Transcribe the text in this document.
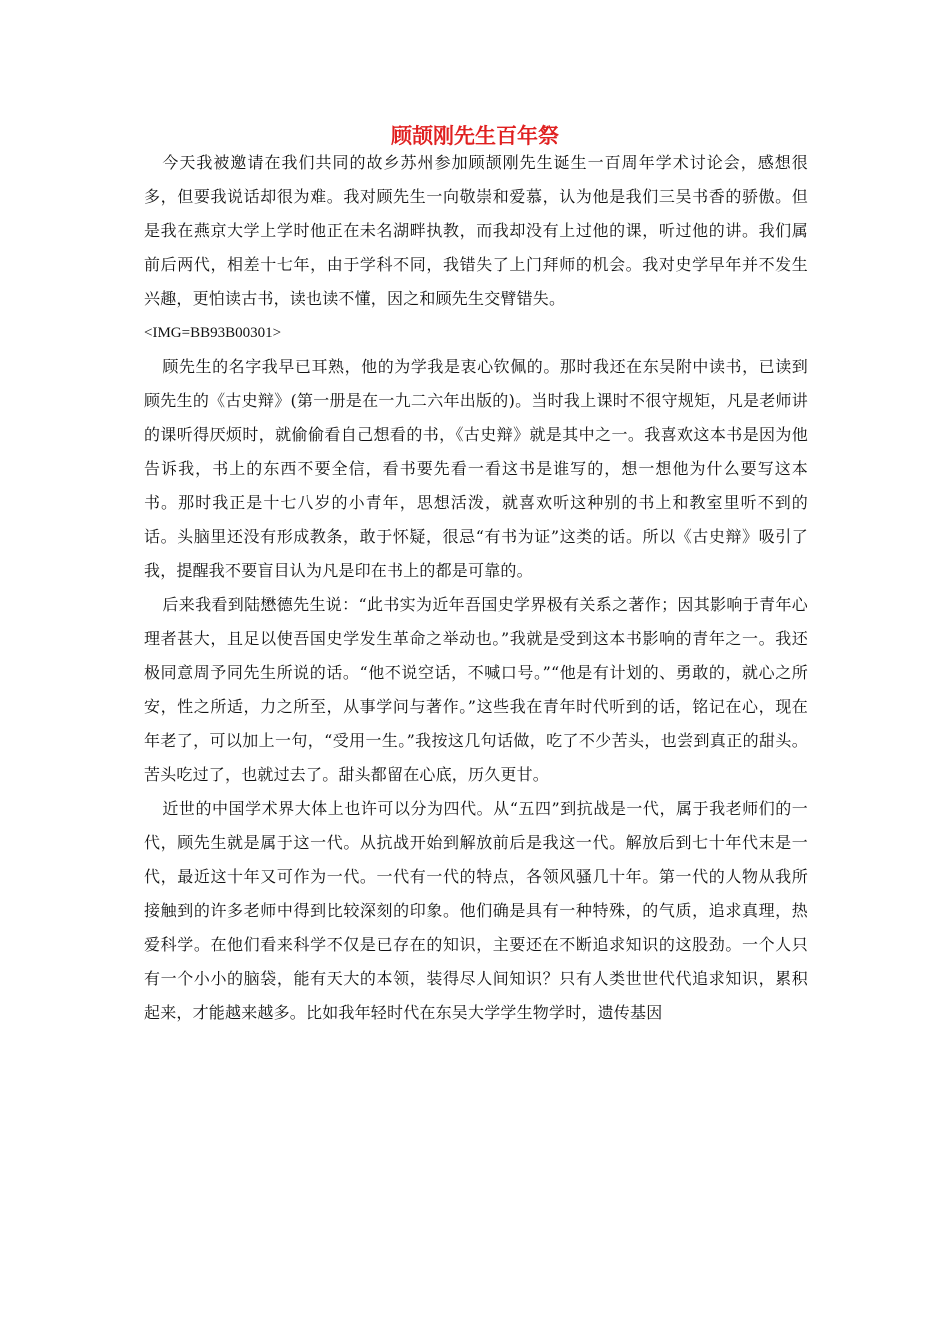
顾颉刚先生百年祭

今天我被邀请在我们共同的故乡苏州参加顾颉刚先生诞生一百周年学术讨论会，感想很多，但要我说话却很为难。我对顾先生一向敬崇和爱慕，认为他是我们三吴书香的骄傲。但是我在燕京大学上学时他正在未名湖畔执教，而我却没有上过他的课，听过他的讲。我们属前后两代，相差十七年，由于学科不同，我错失了上门拜师的机会。我对史学早年并不发生兴趣，更怕读古书，读也读不懂，因之和顾先生交臂错失。

<IMG=BB93B00301>

顾先生的名字我早已耳熟，他的为学我是衷心钦佩的。那时我还在东吴附中读书，已读到顾先生的《古史辩》(第一册是在一九二六年出版的)。当时我上课时不很守规矩，凡是老师讲的课听得厌烦时，就偷偷看自己想看的书，《古史辩》就是其中之一。我喜欢这本书是因为他告诉我，书上的东西不要全信，看书要先看一看这书是谁写的，想一想他为什么要写这本书。那时我正是十七八岁的小青年，思想活泼，就喜欢听这种别的书上和教室里听不到的话。头脑里还没有形成教条，敢于怀疑，很忌“有书为证”这类的话。所以《古史辩》吸引了我，提醒我不要盲目认为凡是印在书上的都是可靠的。

后来我看到陆懋德先生说：“此书实为近年吾国史学界极有关系之著作；因其影响于青年心理者甚大，且足以使吾国史学发生革命之举动也。”我就是受到这本书影响的青年之一。我还极同意周予同先生所说的话。“他不说空话，不喊口号。”“他是有计划的、勇敢的，就心之所安，性之所适，力之所至，从事学问与著作。”这些我在青年时代听到的话，铭记在心，现在年老了，可以加上一句，“受用一生。”我按这几句话做，吃了不少苦头，也尝到真正的甜头。苦头吃过了，也就过去了。甜头都留在心底，历久更甘。

近世的中国学术界大体上也许可以分为四代。从“五四”到抗战是一代，属于我老师们的一代，顾先生就是属于这一代。从抗战开始到解放前后是我这一代。解放后到七十年代末是一代，最近这十年又可作为一代。一代有一代的特点，各领风骚几十年。第一代的人物从我所接触到的许多老师中得到比较深刻的印象。他们确是具有一种特殊，的气质，追求真理，热爱科学。在他们看来科学不仅是已存在的知识，主要还在不断追求知识的这股劲。一个人只有一个小小的脑袋，能有天大的本领，装得尽人间知识？只有人类世世代代追求知识，累积起来，才能越来越多。比如我年轻时代在东吴大学学生物学时，遗传基因
